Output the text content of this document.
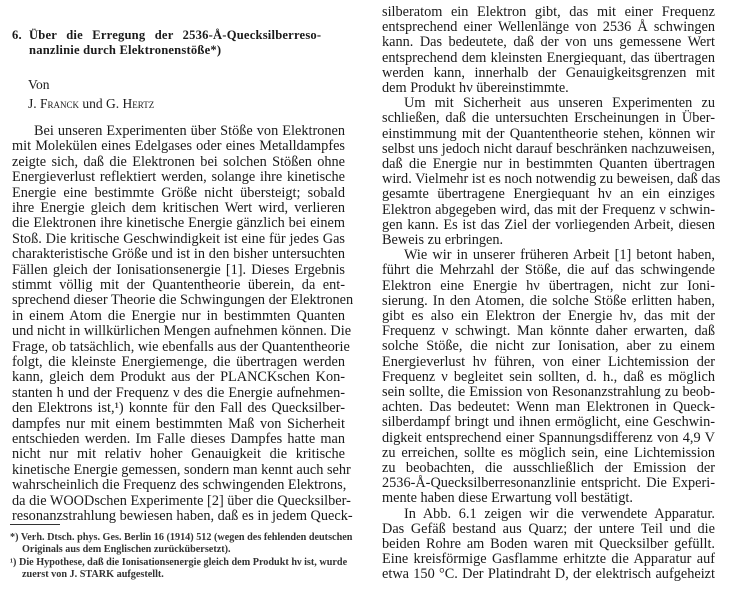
6. Über die Erregung der 2536-Å-Quecksilberreso-
nanzlinie durch Elektronenstöße*)
Von
J. Franck und G. Hertz
Bei unseren Experimenten über Stöße von Elektronen
mit Molekülen eines Edelgases oder eines Metalldampfes
zeigte sich, daß die Elektronen bei solchen Stößen ohne
Energieverlust reflektiert werden, solange ihre kinetische
Energie eine bestimmte Größe nicht übersteigt; sobald
ihre Energie gleich dem kritischen Wert wird, verlieren
die Elektronen ihre kinetische Energie gänzlich bei einem
Stoß. Die kritische Geschwindigkeit ist eine für jedes Gas
charakteristische Größe und ist in den bisher untersuchten
Fällen gleich der Ionisationsenergie [1]. Dieses Ergebnis
stimmt völlig mit der Quantentheorie überein, da ent-
sprechend dieser Theorie die Schwingungen der Elektronen
in einem Atom die Energie nur in bestimmten Quanten
und nicht in willkürlichen Mengen aufnehmen können. Die
Frage, ob tatsächlich, wie ebenfalls aus der Quantentheorie
folgt, die kleinste Energiemenge, die übertragen werden
kann, gleich dem Produkt aus der PLANCKschen Kon-
stanten h und der Frequenz ν des die Energie aufnehmen-
den Elektrons ist,¹) konnte für den Fall des Quecksilber-
dampfes nur mit einem bestimmten Maß von Sicherheit
entschieden werden. Im Falle dieses Dampfes hatte man
nicht nur mit relativ hoher Genauigkeit die kritische
kinetische Energie gemessen, sondern man kennt auch sehr
wahrscheinlich die Frequenz des schwingenden Elektrons,
da die WOODschen Experimente [2] über die Quecksilber-
resonanzstrahlung bewiesen haben, daß es in jedem Queck-
*) Verh. Dtsch. phys. Ges. Berlin 16 (1914) 512 (wegen des fehlenden deutschen
Originals aus dem Englischen zurückübersetzt).
¹) Die Hypothese, daß die Ionisationsenergie gleich dem Produkt hν ist, wurde
zuerst von J. STARK aufgestellt.
silberatom ein Elektron gibt, das mit einer Frequenz
entsprechend einer Wellenlänge von 2536 Å schwingen
kann. Das bedeutete, daß der von uns gemessene Wert
entsprechend dem kleinsten Energiequant, das übertragen
werden kann, innerhalb der Genauigkeitsgrenzen mit
dem Produkt hν übereinstimmte.
Um mit Sicherheit aus unseren Experimenten zu
schließen, daß die untersuchten Erscheinungen in Über-
einstimmung mit der Quantentheorie stehen, können wir
selbst uns jedoch nicht darauf beschränken nachzuweisen,
daß die Energie nur in bestimmten Quanten übertragen
wird. Vielmehr ist es noch notwendig zu beweisen, daß das
gesamte übertragene Energiequant hν an ein einziges
Elektron abgegeben wird, das mit der Frequenz ν schwin-
gen kann. Es ist das Ziel der vorliegenden Arbeit, diesen
Beweis zu erbringen.
Wie wir in unserer früheren Arbeit [1] betont haben,
führt die Mehrzahl der Stöße, die auf das schwingende
Elektron eine Energie hν übertragen, nicht zur Ioni-
sierung. In den Atomen, die solche Stöße erlitten haben,
gibt es also ein Elektron der Energie hν, das mit der
Frequenz ν schwingt. Man könnte daher erwarten, daß
solche Stöße, die nicht zur Ionisation, aber zu einem
Energieverlust hν führen, von einer Lichtemission der
Frequenz ν begleitet sein sollten, d. h., daß es möglich
sein sollte, die Emission von Resonanzstrahlung zu beob-
achten. Das bedeutet: Wenn man Elektronen in Queck-
silberdampf bringt und ihnen ermöglicht, eine Geschwin-
digkeit entsprechend einer Spannungsdifferenz von 4,9 V
zu erreichen, sollte es möglich sein, eine Lichtemission
zu beobachten, die ausschließlich der Emission der
2536-Å-Quecksilberresonanzlinie entspricht. Die Experi-
mente haben diese Erwartung voll bestätigt.
In Abb. 6.1 zeigen wir die verwendete Apparatur.
Das Gefäß bestand aus Quarz; der untere Teil und die
beiden Rohre am Boden waren mit Quecksilber gefüllt.
Eine kreisförmige Gasflamme erhitzte die Apparatur auf
etwa 150 °C. Der Platindraht D, der elektrisch aufgeheizt
